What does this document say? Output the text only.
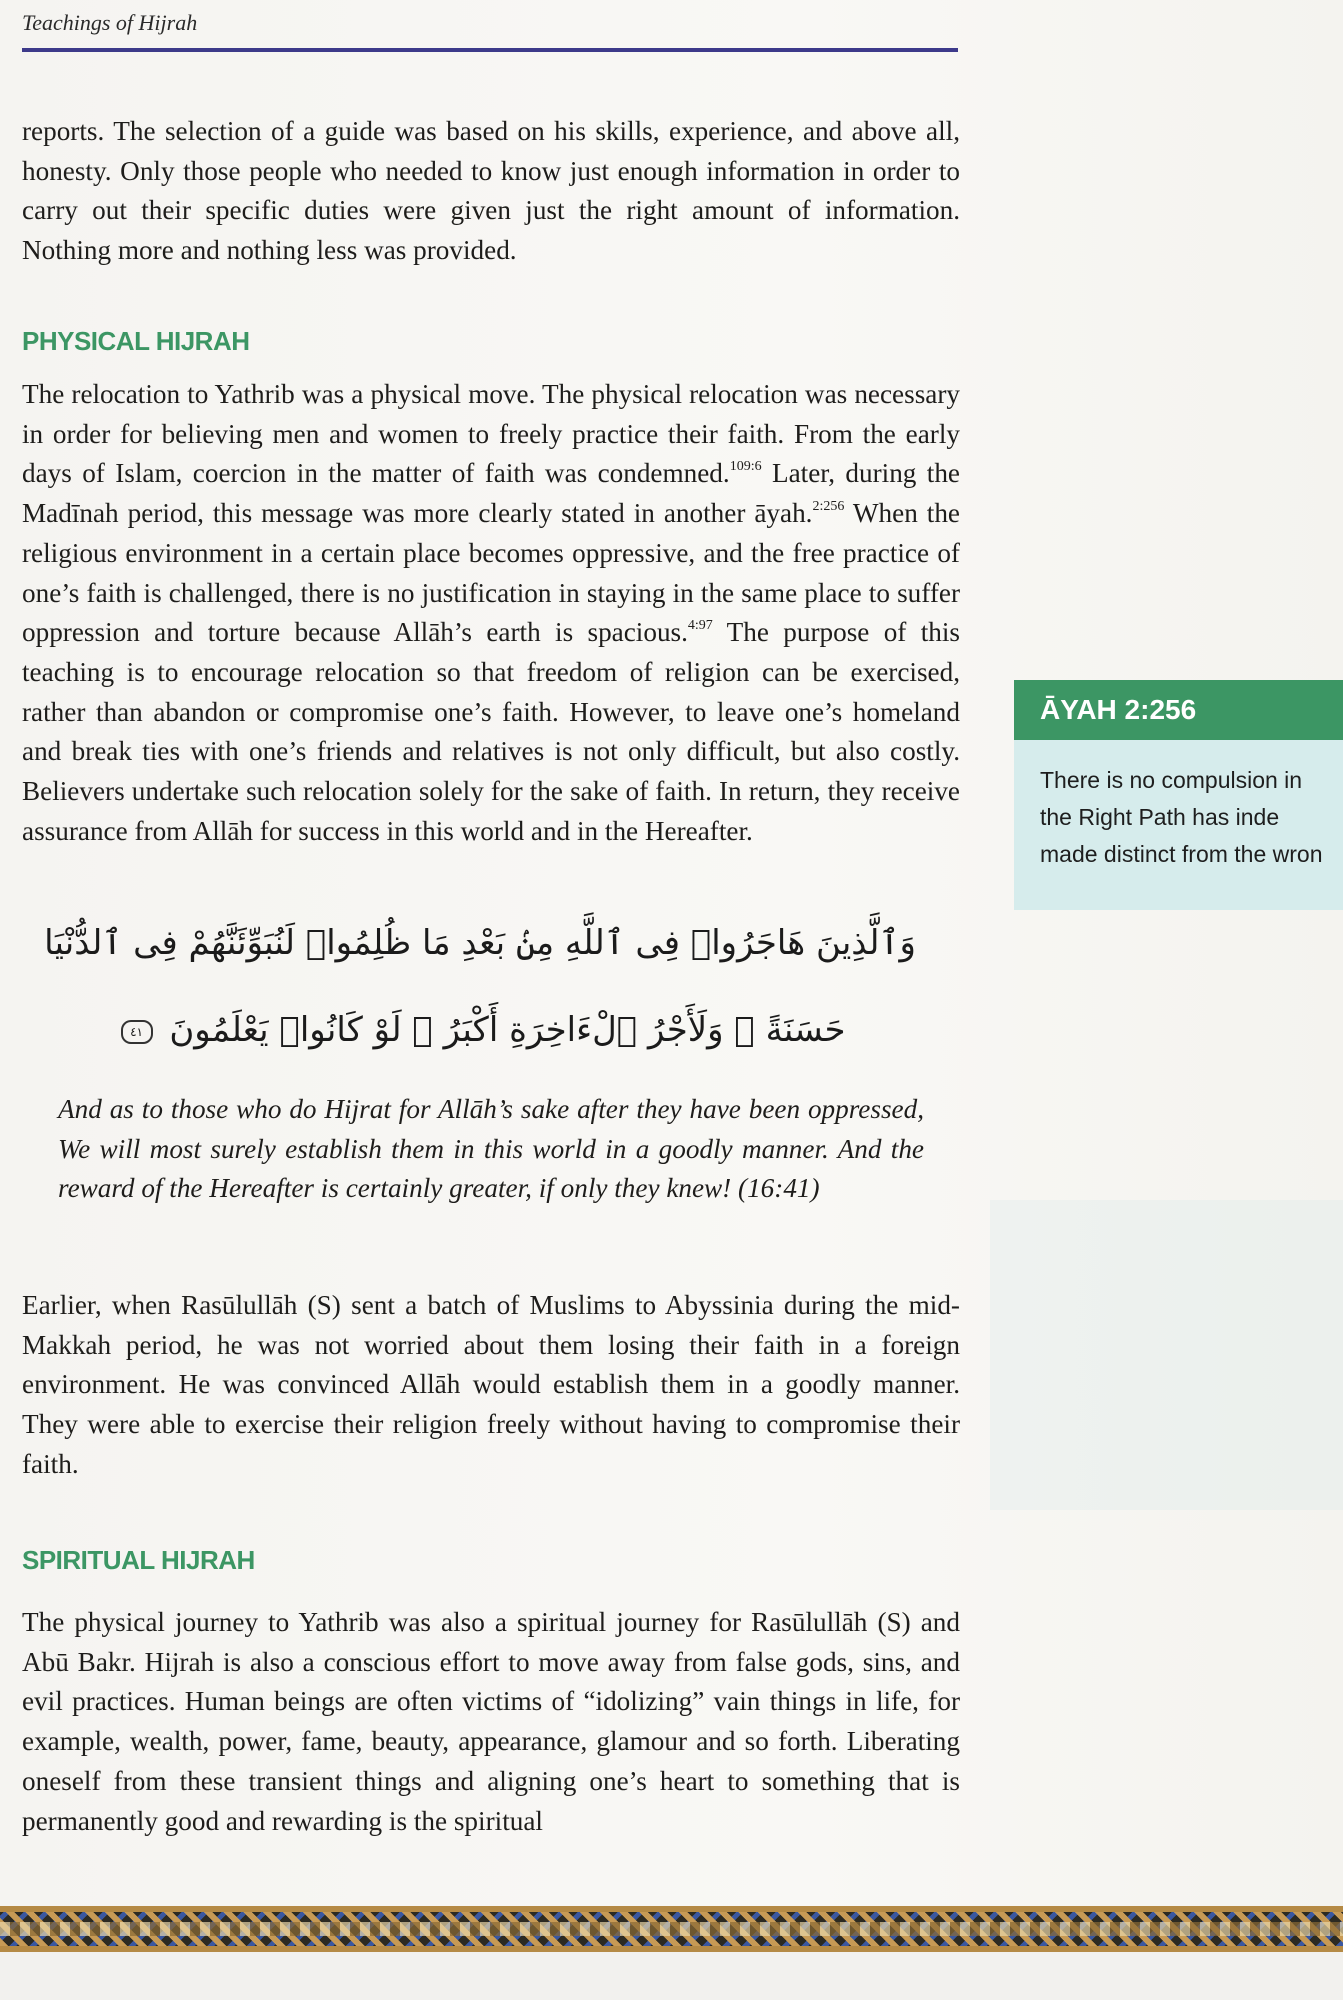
Teachings of Hijrah

reports. The selection of a guide was based on his skills, experience, and above all, honesty. Only those people who needed to know just enough information in order to carry out their specific duties were given just the right amount of information. Nothing more and nothing less was provided.

PHYSICAL HIJRAH

The relocation to Yathrib was a physical move. The physical relocation was necessary in order for believing men and women to freely practice their faith. From the early days of Islam, coercion in the matter of faith was condemned.$^{109:6}$ Later, during the Madīnah period, this message was more clearly stated in another āyah.$^{2:256}$ When the religious environment in a certain place becomes oppressive, and the free practice of one’s faith is challenged, there is no justification in staying in the same place to suffer oppression and torture because Allāh’s earth is spacious.$^{4:97}$ The purpose of this teaching is to encourage relocation so that freedom of religion can be exercised, rather than abandon or compromise one’s faith. However, to leave one’s homeland and break ties with one’s friends and relatives is not only difficult, but also costly. Believers undertake such relocation solely for the sake of faith. In return, they receive assurance from Allāh for success in this world and in the Hereafter.

وَٱلَّذِينَ هَاجَرُوا۟ فِى ٱللَّهِ مِنۢ بَعْدِ مَا ظُلِمُوا۟ لَنُبَوِّئَنَّهُمْ فِى ٱلدُّنْيَا
حَسَنَةً ۖ وَلَأَجْرُ ٱلْءَاخِرَةِ أَكْبَرُ ۚ لَوْ كَانُوا۟ يَعْلَمُونَ
٤١

And as to those who do Hijrat for Allāh’s sake after they have been oppressed, We will most surely establish them in this world in a goodly manner. And the reward of the Hereafter is certainly greater, if only they knew! (16:41)

Earlier, when Rasūlullāh (S) sent a batch of Muslims to Abyssinia during the mid-Makkah period, he was not worried about them losing their faith in a foreign environment. He was convinced Allāh would establish them in a goodly manner. They were able to exercise their religion freely without having to compromise their faith.

SPIRITUAL HIJRAH

The physical journey to Yathrib was also a spiritual journey for Rasūlullāh (S) and Abū Bakr. Hijrah is also a conscious effort to move away from false gods, sins, and evil practices. Human beings are often victims of “idolizing” vain things in life, for example, wealth, power, fame, beauty, appearance, glamour and so forth. Liberating oneself from these transient things and aligning one’s heart to something that is permanently good and rewarding is the spiritual

ĀYAH 2:256
There is no compulsion in
the Right Path has inde
made distinct from the wron
